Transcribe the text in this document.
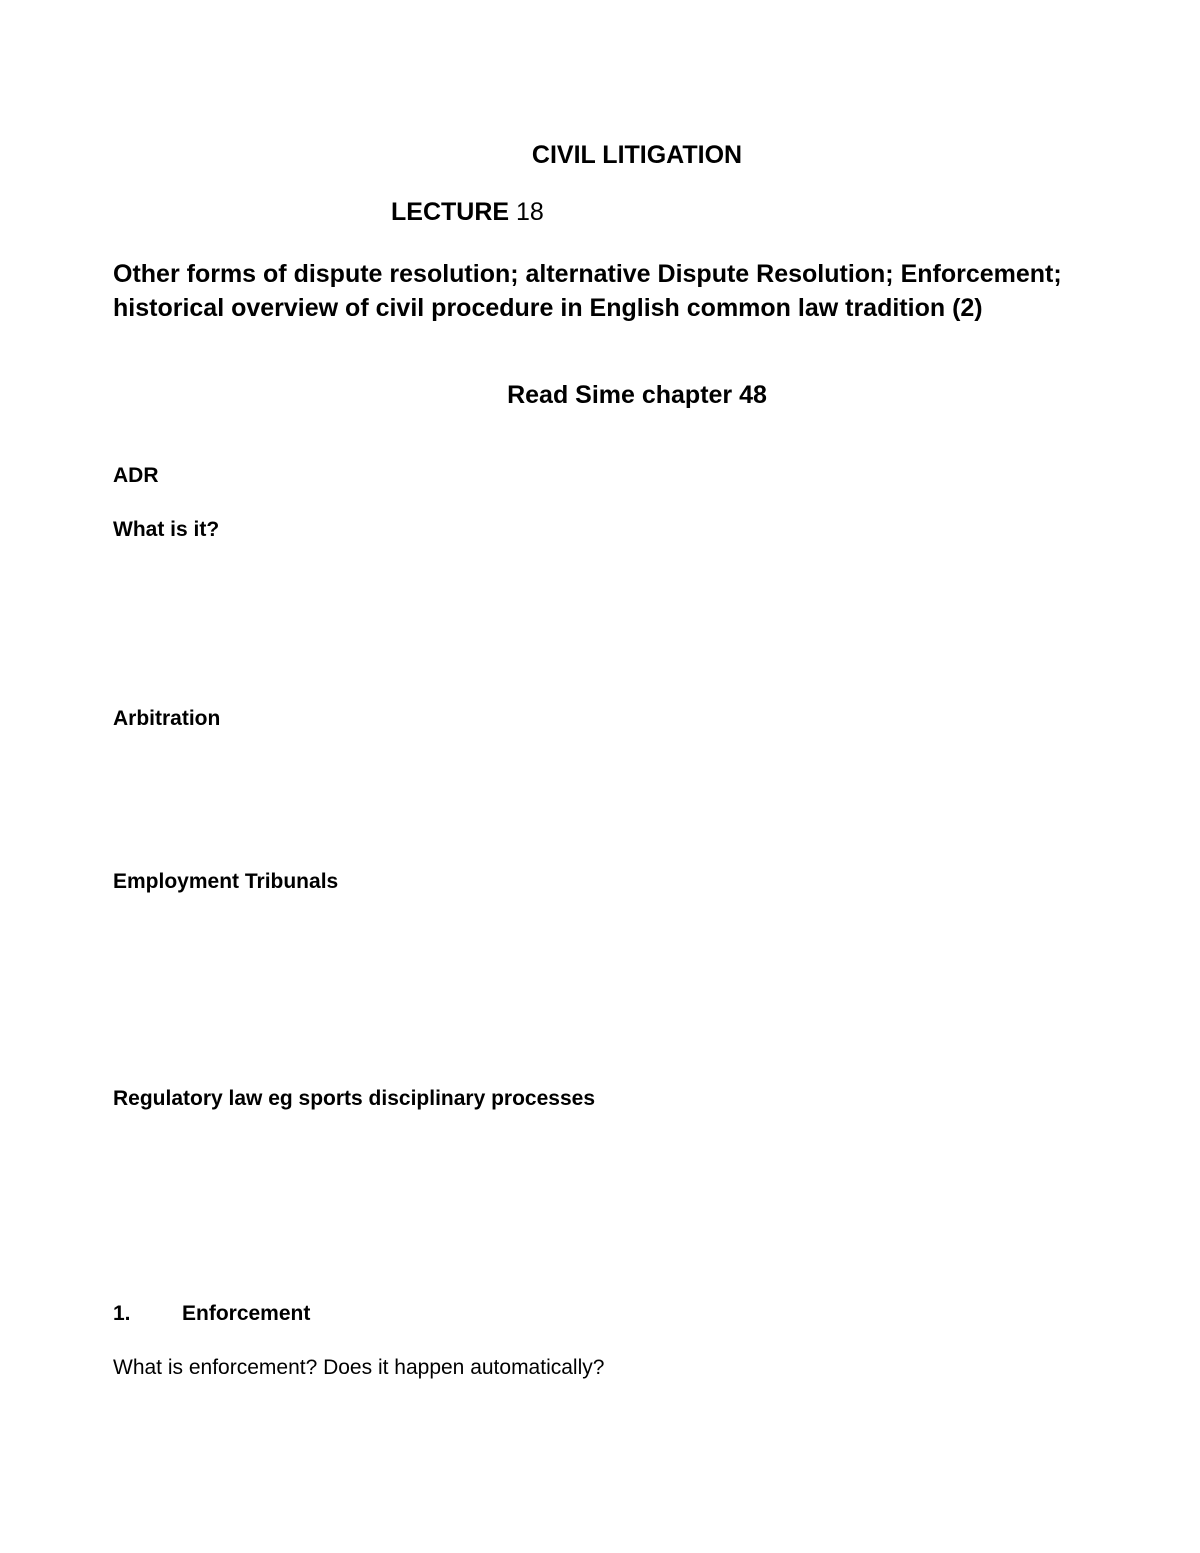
CIVIL LITIGATION
LECTURE 18
Other forms of dispute resolution; alternative Dispute Resolution; Enforcement;
historical overview of civil procedure in English common law tradition (2)
Read Sime chapter 48
ADR
What is it?
Arbitration
Employment Tribunals
Regulatory law eg sports disciplinary processes
1. Enforcement
What is enforcement? Does it happen automatically?
